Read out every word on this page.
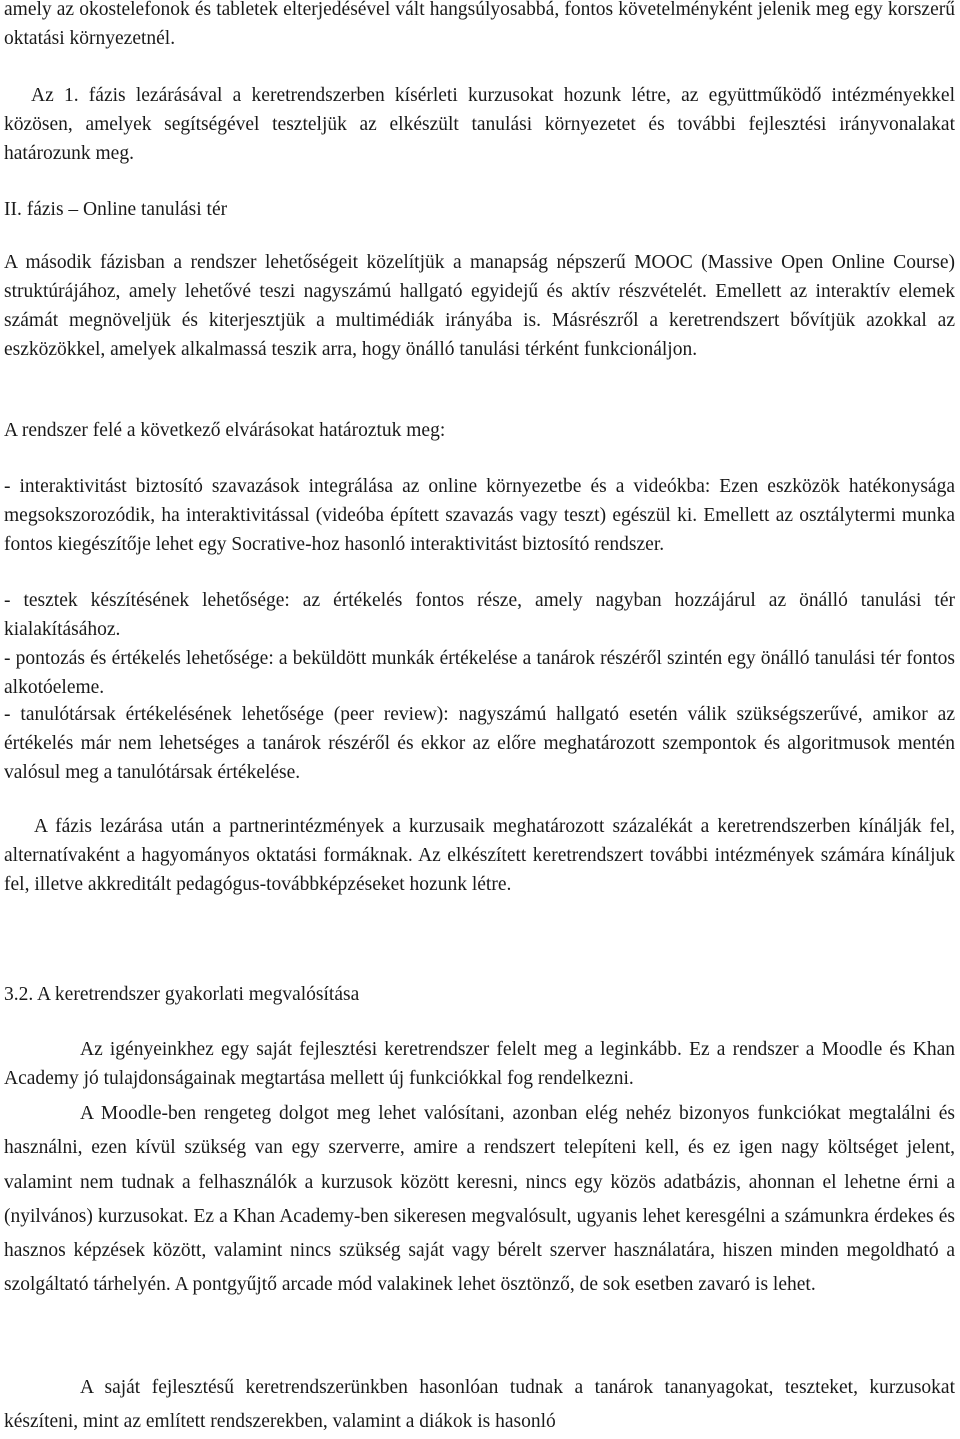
amely az okostelefonok és tabletek elterjedésével vált hangsúlyosabbá, fontos követelményként jelenik meg egy korszerű oktatási környezetnél.

Az 1. fázis lezárásával a keretrendszerben kísérleti kurzusokat hozunk létre, az együttműködő intézményekkel közösen, amelyek segítségével teszteljük az elkészült tanulási környezetet és további fejlesztési irányvonalakat határozunk meg.

II. fázis – Online tanulási tér

A második fázisban a rendszer lehetőségeit közelítjük a manapság népszerű MOOC (Massive Open Online Course) struktúrájához, amely lehetővé teszi nagyszámú hallgató egyidejű és aktív részvételét. Emellett az interaktív elemek számát megnöveljük és kiterjesztjük a multimédiák irányába is. Másrészről a keretrendszert bővítjük azokkal az eszközökkel, amelyek alkalmassá teszik arra, hogy önálló tanulási térként funkcionáljon.

A rendszer felé a következő elvárásokat határoztuk meg:

- interaktivitást biztosító szavazások integrálása az online környezetbe és a videókba: Ezen eszközök hatékonysága megsokszorozódik, ha interaktivitással (videóba épített szavazás vagy teszt) egészül ki. Emellett az osztálytermi munka fontos kiegészítője lehet egy Socrative-hoz hasonló interaktivitást biztosító rendszer.

- tesztek készítésének lehetősége: az értékelés fontos része, amely nagyban hozzájárul az önálló tanulási tér kialakításához.

- pontozás és értékelés lehetősége: a beküldött munkák értékelése a tanárok részéről szintén egy önálló tanulási tér fontos alkotóeleme.

- tanulótársak értékelésének lehetősége (peer review): nagyszámú hallgató esetén válik szükségszerűvé, amikor az értékelés már nem lehetséges a tanárok részéről és ekkor az előre meghatározott szempontok és algoritmusok mentén valósul meg a tanulótársak értékelése.

A fázis lezárása után a partnerintézmények a kurzusaik meghatározott százalékát a keretrendszerben kínálják fel, alternatívaként a hagyományos oktatási formáknak. Az elkészített keretrendszert további intézmények számára kínáljuk fel, illetve akkreditált pedagógus-továbbképzéseket hozunk létre.

3.2. A keretrendszer gyakorlati megvalósítása

Az igényeinkhez egy saját fejlesztési keretrendszer felelt meg a leginkább. Ez a rendszer a Moodle és Khan Academy jó tulajdonságainak megtartása mellett új funkciókkal fog rendelkezni.

A Moodle-ben rengeteg dolgot meg lehet valósítani, azonban elég nehéz bizonyos funkciókat megtalálni és használni, ezen kívül szükség van egy szerverre, amire a rendszert telepíteni kell, és ez igen nagy költséget jelent, valamint nem tudnak a felhasználók a kurzusok között keresni, nincs egy közös adatbázis, ahonnan el lehetne érni a (nyilvános) kurzusokat. Ez a Khan Academy-ben sikeresen megvalósult, ugyanis lehet keresgélni a számunkra érdekes és hasznos képzések között, valamint nincs szükség saját vagy bérelt szerver használatára, hiszen minden megoldható a szolgáltató tárhelyén. A pontgyűjtő arcade mód valakinek lehet ösztönző, de sok esetben zavaró is lehet.

A saját fejlesztésű keretrendszerünkben hasonlóan tudnak a tanárok tananyagokat, teszteket, kurzusokat készíteni, mint az említett rendszerekben, valamint a diákok is hasonló
